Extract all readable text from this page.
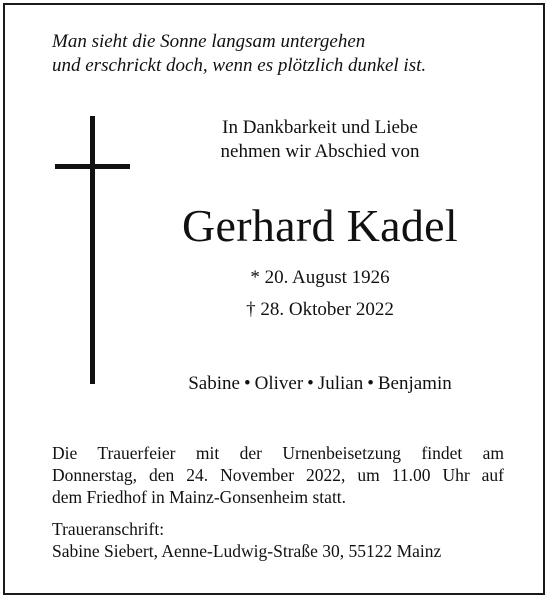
Man sieht die Sonne langsam untergehen
und erschrickt doch, wenn es plötzlich dunkel ist.
In Dankbarkeit und Liebe
nehmen wir Abschied von
Gerhard Kadel
* 20. August 1926
† 28. Oktober 2022
Sabine • Oliver • Julian • Benjamin
Die Trauerfeier mit der Urnenbeisetzung findet am
Donnerstag, den 24. November 2022, um 11.00 Uhr auf
dem Friedhof in Mainz-Gonsenheim statt.
Traueranschrift:
Sabine Siebert, Aenne-Ludwig-Straße 30, 55122 Mainz
